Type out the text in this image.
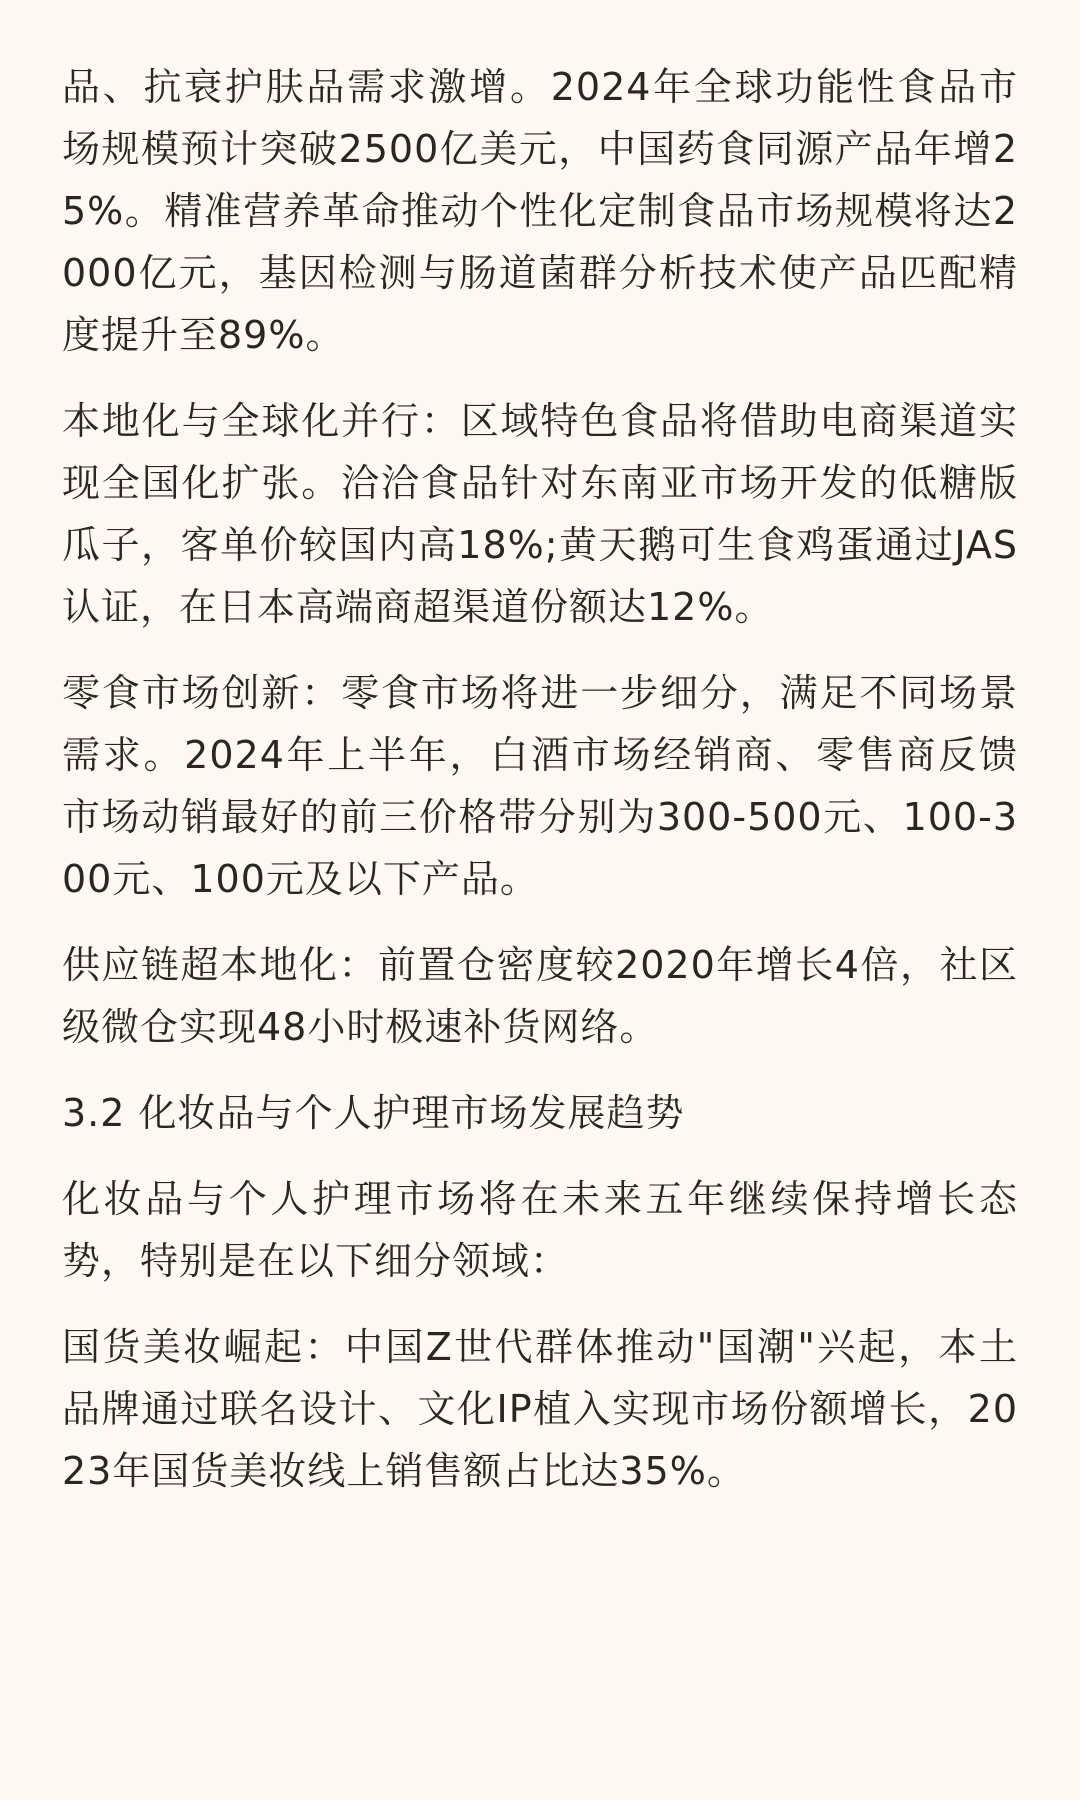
品、抗衰护肤品需求激增。2024年全球功能性食品市场规模预计突破2500亿美元，中国药食同源产品年增25%。精准营养革命推动个性化定制食品市场规模将达2000亿元，基因检测与肠道菌群分析技术使产品匹配精度提升至89%。

本地化与全球化并行：区域特色食品将借助电商渠道实现全国化扩张。洽洽食品针对东南亚市场开发的低糖版瓜子，客单价较国内高18%;黄天鹅可生食鸡蛋通过JAS认证，在日本高端商超渠道份额达12%。

零食市场创新：零食市场将进一步细分，满足不同场景需求。2024年上半年，白酒市场经销商、零售商反馈市场动销最好的前三价格带分别为300-500元、100-300元、100元及以下产品。

供应链超本地化：前置仓密度较2020年增长4倍，社区级微仓实现48小时极速补货网络。

3.2 化妆品与个人护理市场发展趋势

化妆品与个人护理市场将在未来五年继续保持增长态势，特别是在以下细分领域：

国货美妆崛起：中国Z世代群体推动"国潮"兴起，本土品牌通过联名设计、文化IP植入实现市场份额增长，2023年国货美妆线上销售额占比达35%。
